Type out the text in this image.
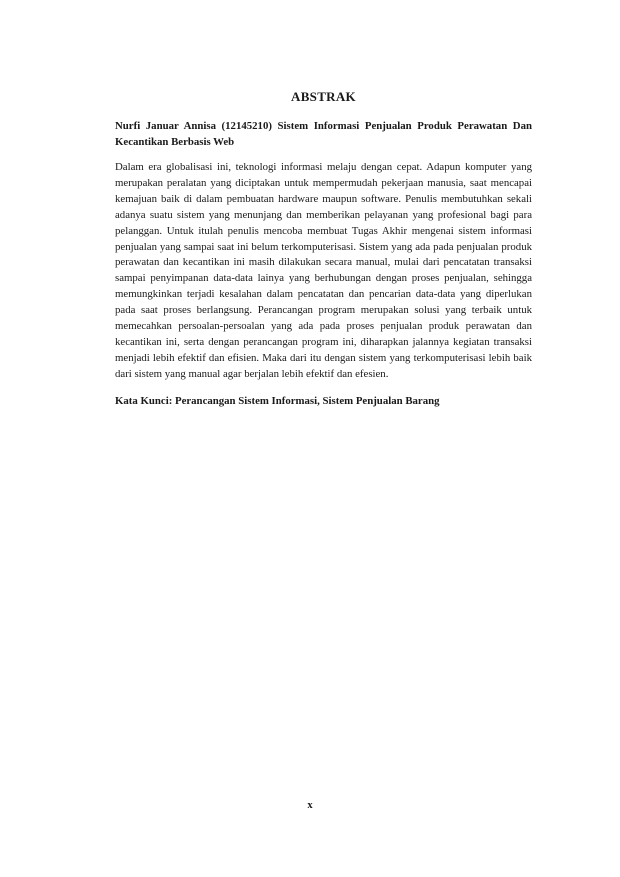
ABSTRAK

Nurfi Januar Annisa (12145210) Sistem Informasi Penjualan Produk Perawatan Dan Kecantikan Berbasis Web

Dalam era globalisasi ini, teknologi informasi melaju dengan cepat. Adapun komputer yang merupakan peralatan yang diciptakan untuk mempermudah pekerjaan manusia, saat mencapai kemajuan baik di dalam pembuatan hardware maupun software. Penulis membutuhkan sekali adanya suatu sistem yang menunjang dan memberikan pelayanan yang profesional bagi para pelanggan. Untuk itulah penulis mencoba membuat Tugas Akhir mengenai sistem informasi penjualan yang sampai saat ini belum terkomputerisasi. Sistem yang ada pada penjualan produk perawatan dan kecantikan ini masih dilakukan secara manual, mulai dari pencatatan transaksi sampai penyimpanan data-data lainya yang berhubungan dengan proses penjualan, sehingga memungkinkan terjadi kesalahan dalam pencatatan dan pencarian data-data yang diperlukan pada saat proses berlangsung. Perancangan program merupakan solusi yang terbaik untuk memecahkan persoalan-persoalan yang ada pada proses penjualan produk perawatan dan kecantikan ini, serta dengan perancangan program ini, diharapkan jalannya kegiatan transaksi menjadi lebih efektif dan efisien. Maka dari itu dengan sistem yang terkomputerisasi lebih baik dari sistem yang manual agar berjalan lebih efektif dan efesien.

Kata Kunci: Perancangan Sistem Informasi, Sistem Penjualan Barang

x
